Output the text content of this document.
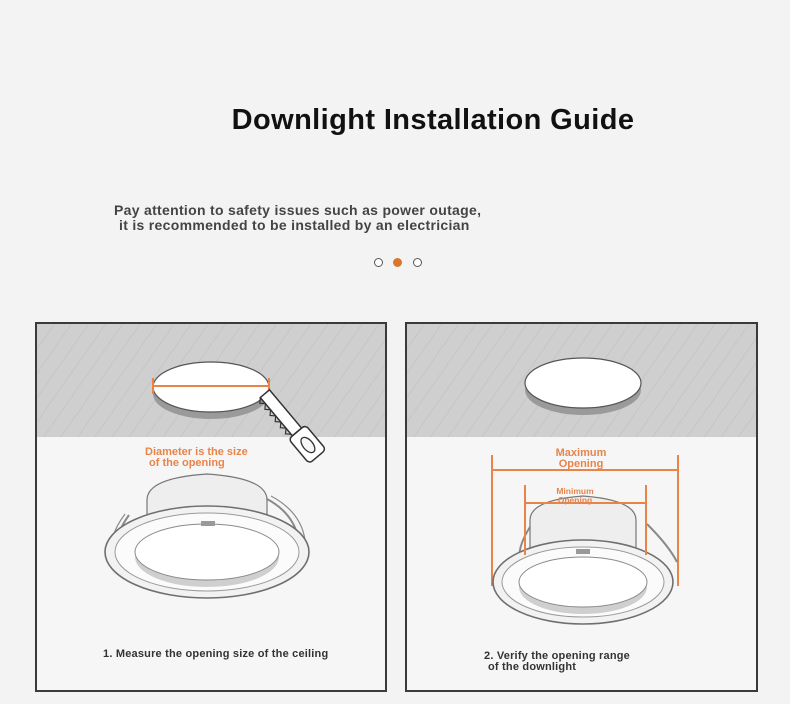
Downlight Installation Guide
Pay attention to safety issues such as power outage,
it is recommended to be installed by an electrician

Diameter is the size
of the opening
1. Measure the opening size of the ceiling
Maximum
Opening
Minimum
Opening
2. Verify the opening range
of the downlight
